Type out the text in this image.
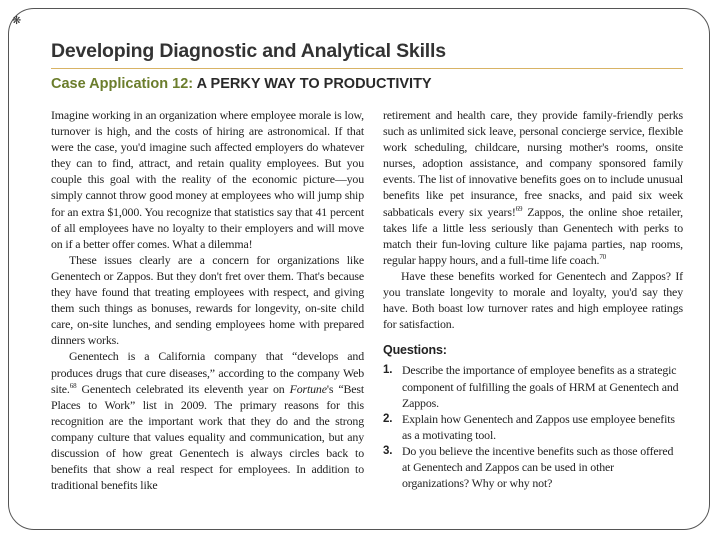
❋
Developing Diagnostic and Analytical Skills
Case Application 12: A PERKY WAY TO PRODUCTIVITY

Imagine working in an organization where employee morale is low, turnover is high, and the costs of hiring are astronomical. If that were the case, you'd imagine such affected employers do whatever they can to find, attract, and retain quality employees. But you couple this goal with the reality of the economic picture—you simply cannot throw good money at employees who will jump ship for an extra $1,000. You recognize that statistics say that 41 percent of all employees have no loyalty to their employers and will move on if a better offer comes. What a dilemma!

These issues clearly are a concern for organizations like Genentech or Zappos. But they don't fret over them. That's because they have found that treating employees with respect, and giving them such things as bonuses, rewards for longevity, on-site child care, on-site lunches, and sending employees home with prepared dinners works.

Genentech is a California company that “develops and produces drugs that cure diseases,” according to the company Web site.$^{68}$ Genentech celebrated its eleventh year on Fortune's “Best Places to Work” list in 2009. The primary reasons for this recognition are the important work that they do and the strong company culture that values equality and communication, but any discussion of how great Genentech is always circles back to benefits that show a real respect for employees. In addition to traditional benefits like

retirement and health care, they provide family-friendly perks such as unlimited sick leave, personal concierge service, flexible work scheduling, childcare, nursing mother's rooms, onsite nurses, adoption assistance, and company sponsored family events. The list of innovative benefits goes on to include unusual benefits like pet insurance, free snacks, and paid six week sabbaticals every six years!$^{69}$ Zappos, the online shoe retailer, takes life a little less seriously than Genentech with perks to match their fun-loving culture like pajama parties, nap rooms, regular happy hours, and a full-time life coach.$^{70}$

Have these benefits worked for Genentech and Zappos? If you translate longevity to morale and loyalty, you'd say they have. Both boast low turnover rates and high employee ratings for satisfaction.

Questions:
1. Describe the importance of employee benefits as a strategic component of fulfilling the goals of HRM at Genentech and Zappos.
2. Explain how Genentech and Zappos use employee benefits as a motivating tool.
3. Do you believe the incentive benefits such as those offered at Genentech and Zappos can be used in other organizations? Why or why not?
